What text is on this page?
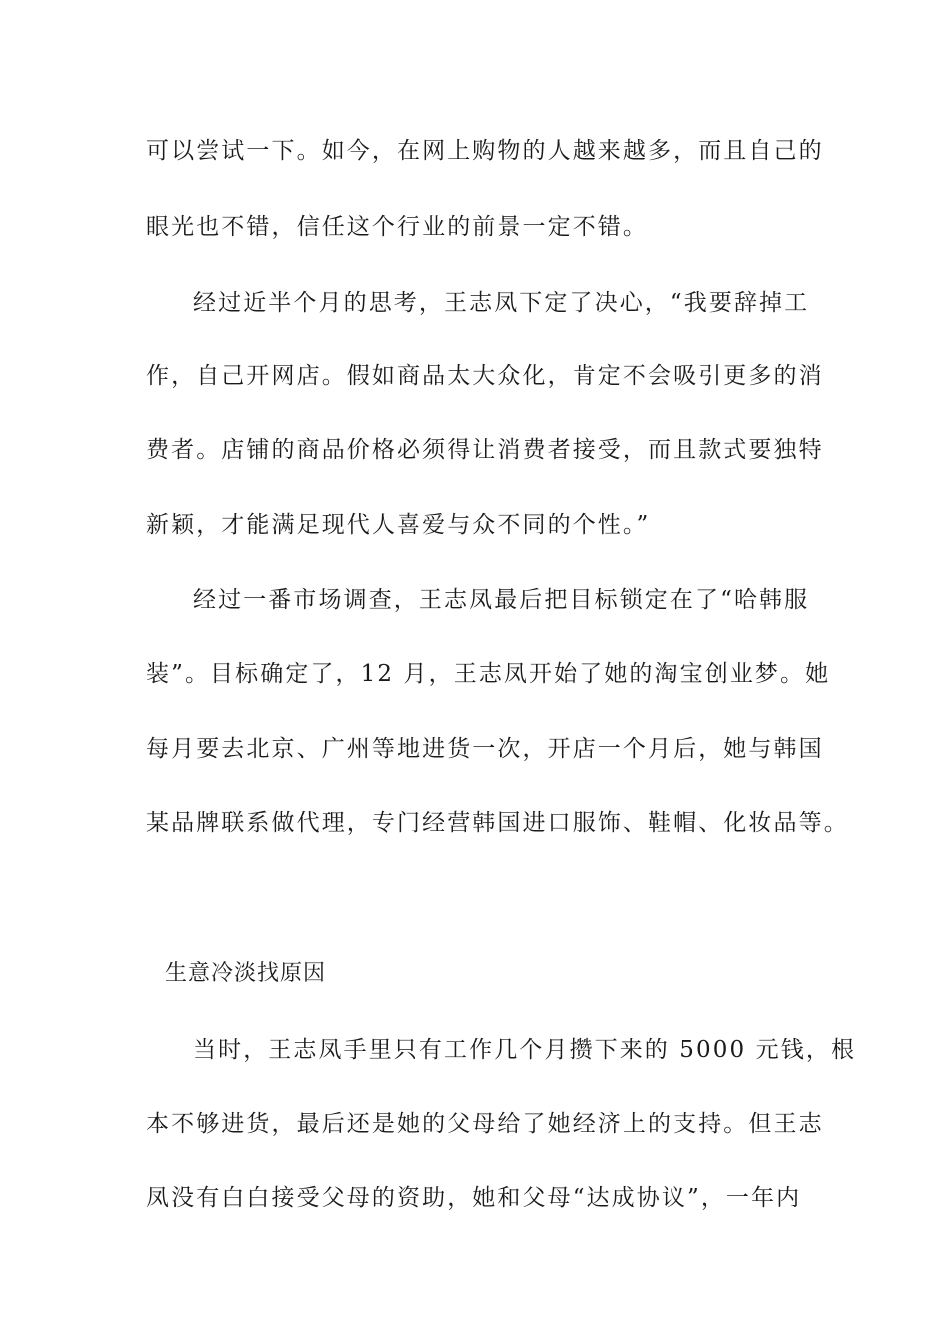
可以尝试一下。如今，在网上购物的人越来越多，而且自己的
眼光也不错，信任这个行业的前景一定不错。
经过近半个月的思考，王志凤下定了决心，“我要辞掉工
作，自己开网店。假如商品太大众化，肯定不会吸引更多的消
费者。店铺的商品价格必须得让消费者接受，而且款式要独特
新颖，才能满足现代人喜爱与众不同的个性。”
经过一番市场调查，王志凤最后把目标锁定在了“哈韩服
装”。目标确定了，12 月，王志凤开始了她的淘宝创业梦。她
每月要去北京、广州等地进货一次，开店一个月后，她与韩国
某品牌联系做代理，专门经营韩国进口服饰、鞋帽、化妆品等。
生意冷淡找原因
当时，王志凤手里只有工作几个月攒下来的 5000 元钱，根
本不够进货，最后还是她的父母给了她经济上的支持。但王志
凤没有白白接受父母的资助，她和父母“达成协议”，一年内
